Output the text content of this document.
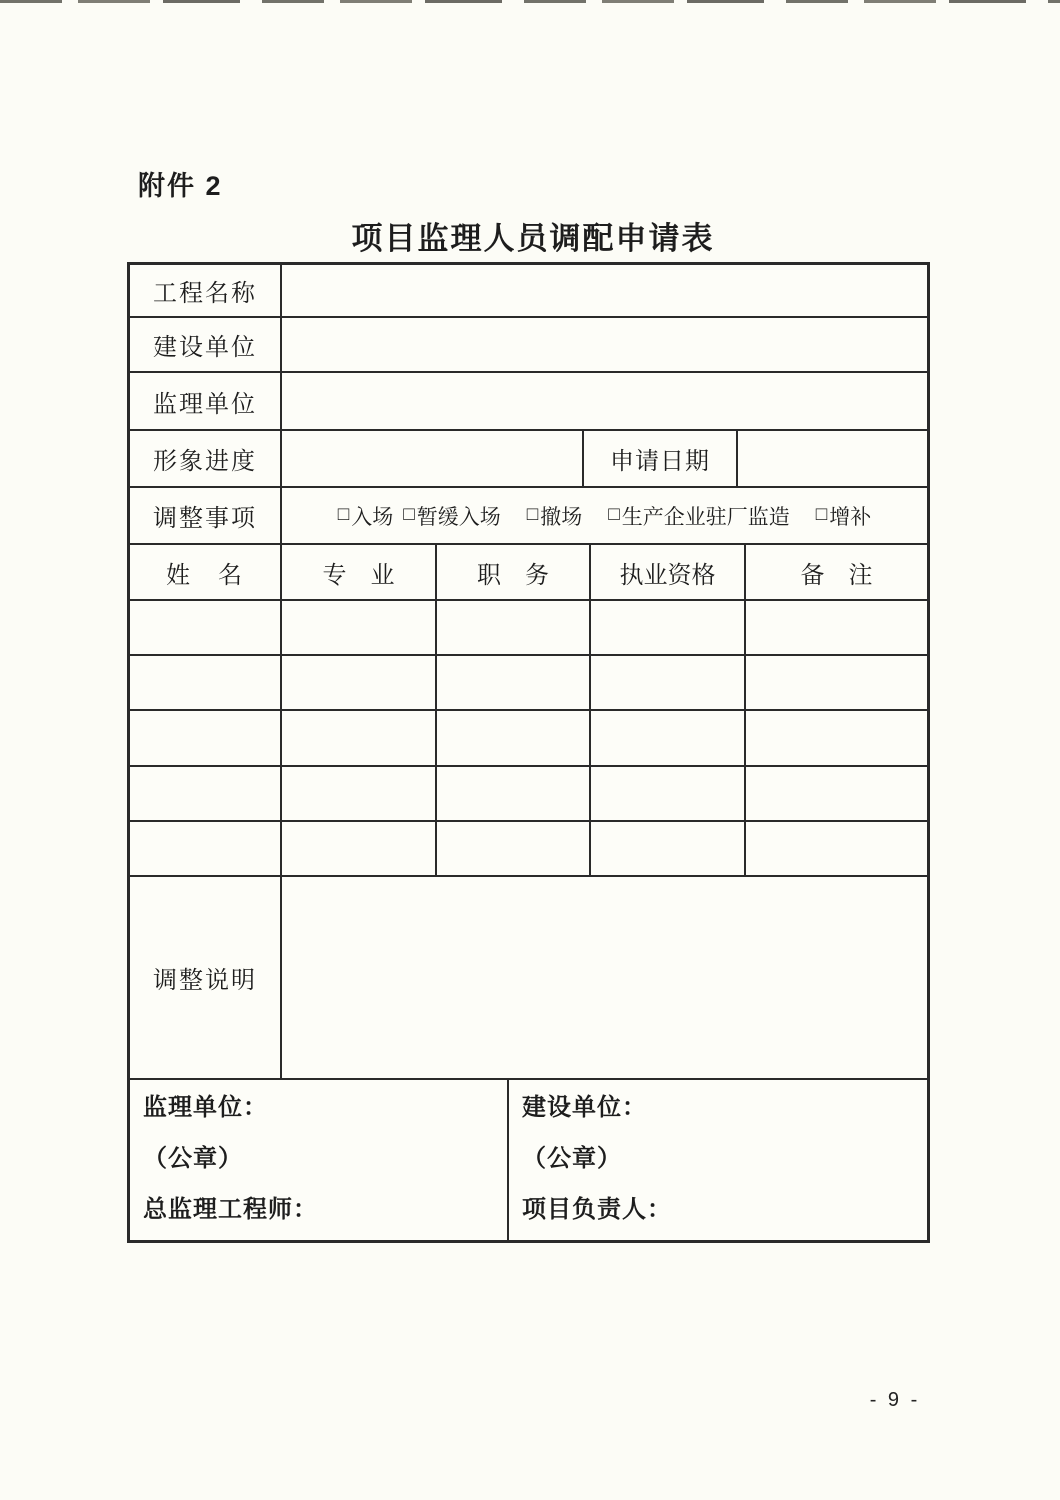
附件 2
项目监理人员调配申请表
工程名称
建设单位
监理单位
形象进度	申请日期
调整事项	□ 入场 □ 暂缓入场 □ 撤场 □ 生产企业驻厂监造 □ 增补
姓　名	专　业	职　务	执业资格	备　注
调整说明
监理单位：
（公章）
总监理工程师：
建设单位：
（公章）
项目负责人：
- 9 -
